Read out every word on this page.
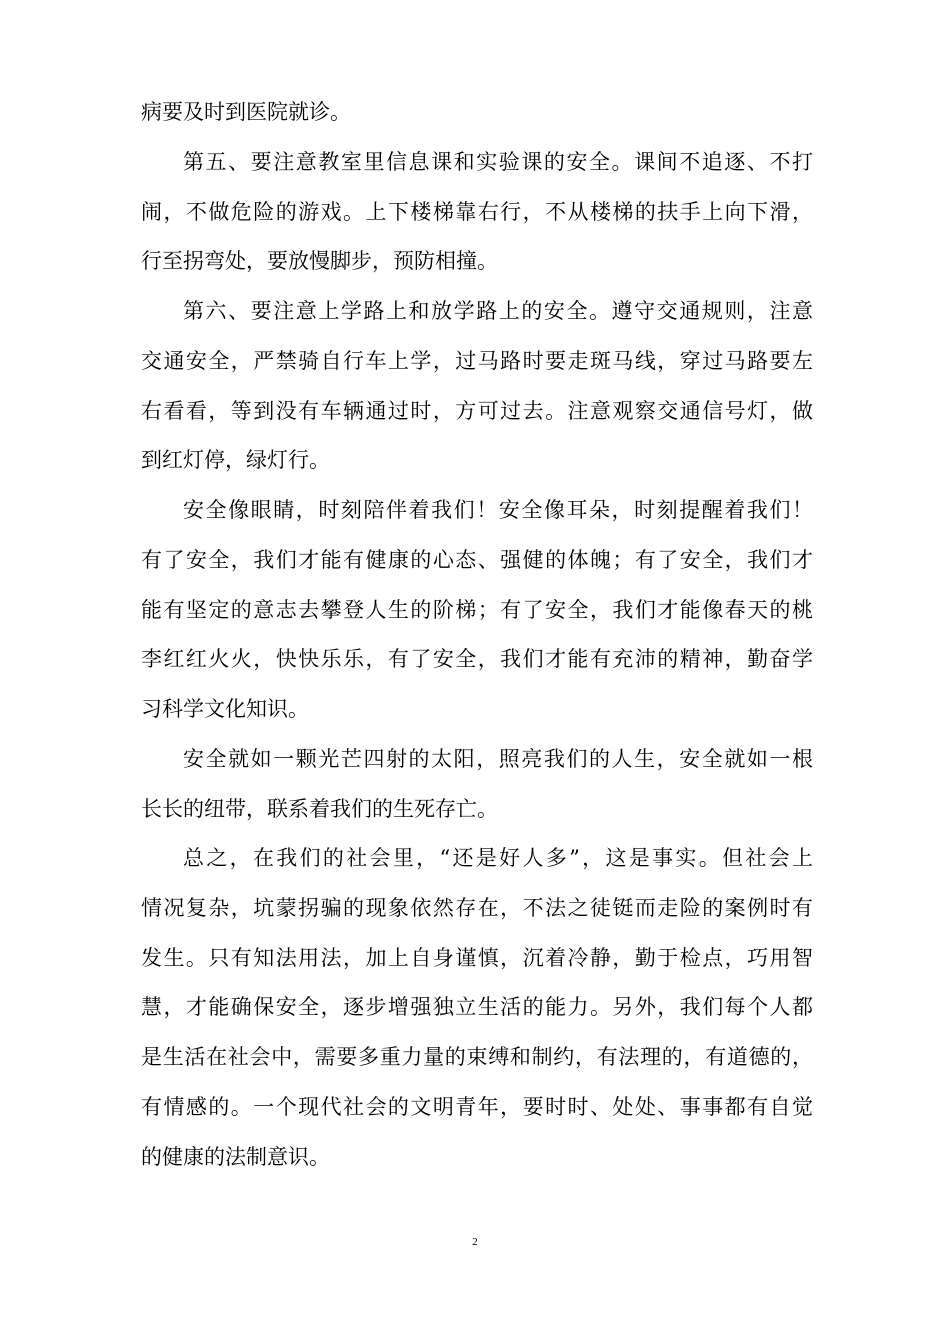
病要及时到医院就诊。
第五、要注意教室里信息课和实验课的安全。课间不追逐、不打
闹，不做危险的游戏。上下楼梯靠右行，不从楼梯的扶手上向下滑，
行至拐弯处，要放慢脚步，预防相撞。
第六、要注意上学路上和放学路上的安全。遵守交通规则，注意
交通安全，严禁骑自行车上学，过马路时要走斑马线，穿过马路要左
右看看，等到没有车辆通过时，方可过去。注意观察交通信号灯，做
到红灯停，绿灯行。
安全像眼睛，时刻陪伴着我们！安全像耳朵，时刻提醒着我们！
有了安全，我们才能有健康的心态、强健的体魄；有了安全，我们才
能有坚定的意志去攀登人生的阶梯；有了安全，我们才能像春天的桃
李红红火火，快快乐乐，有了安全，我们才能有充沛的精神，勤奋学
习科学文化知识。
安全就如一颗光芒四射的太阳，照亮我们的人生，安全就如一根
长长的纽带，联系着我们的生死存亡。
总之，在我们的社会里，“还是好人多”，这是事实。但社会上
情况复杂，坑蒙拐骗的现象依然存在，不法之徒铤而走险的案例时有
发生。只有知法用法，加上自身谨慎，沉着冷静，勤于检点，巧用智
慧，才能确保安全，逐步增强独立生活的能力。另外，我们每个人都
是生活在社会中，需要多重力量的束缚和制约，有法理的，有道德的，
有情感的。一个现代社会的文明青年，要时时、处处、事事都有自觉
的健康的法制意识。
2
